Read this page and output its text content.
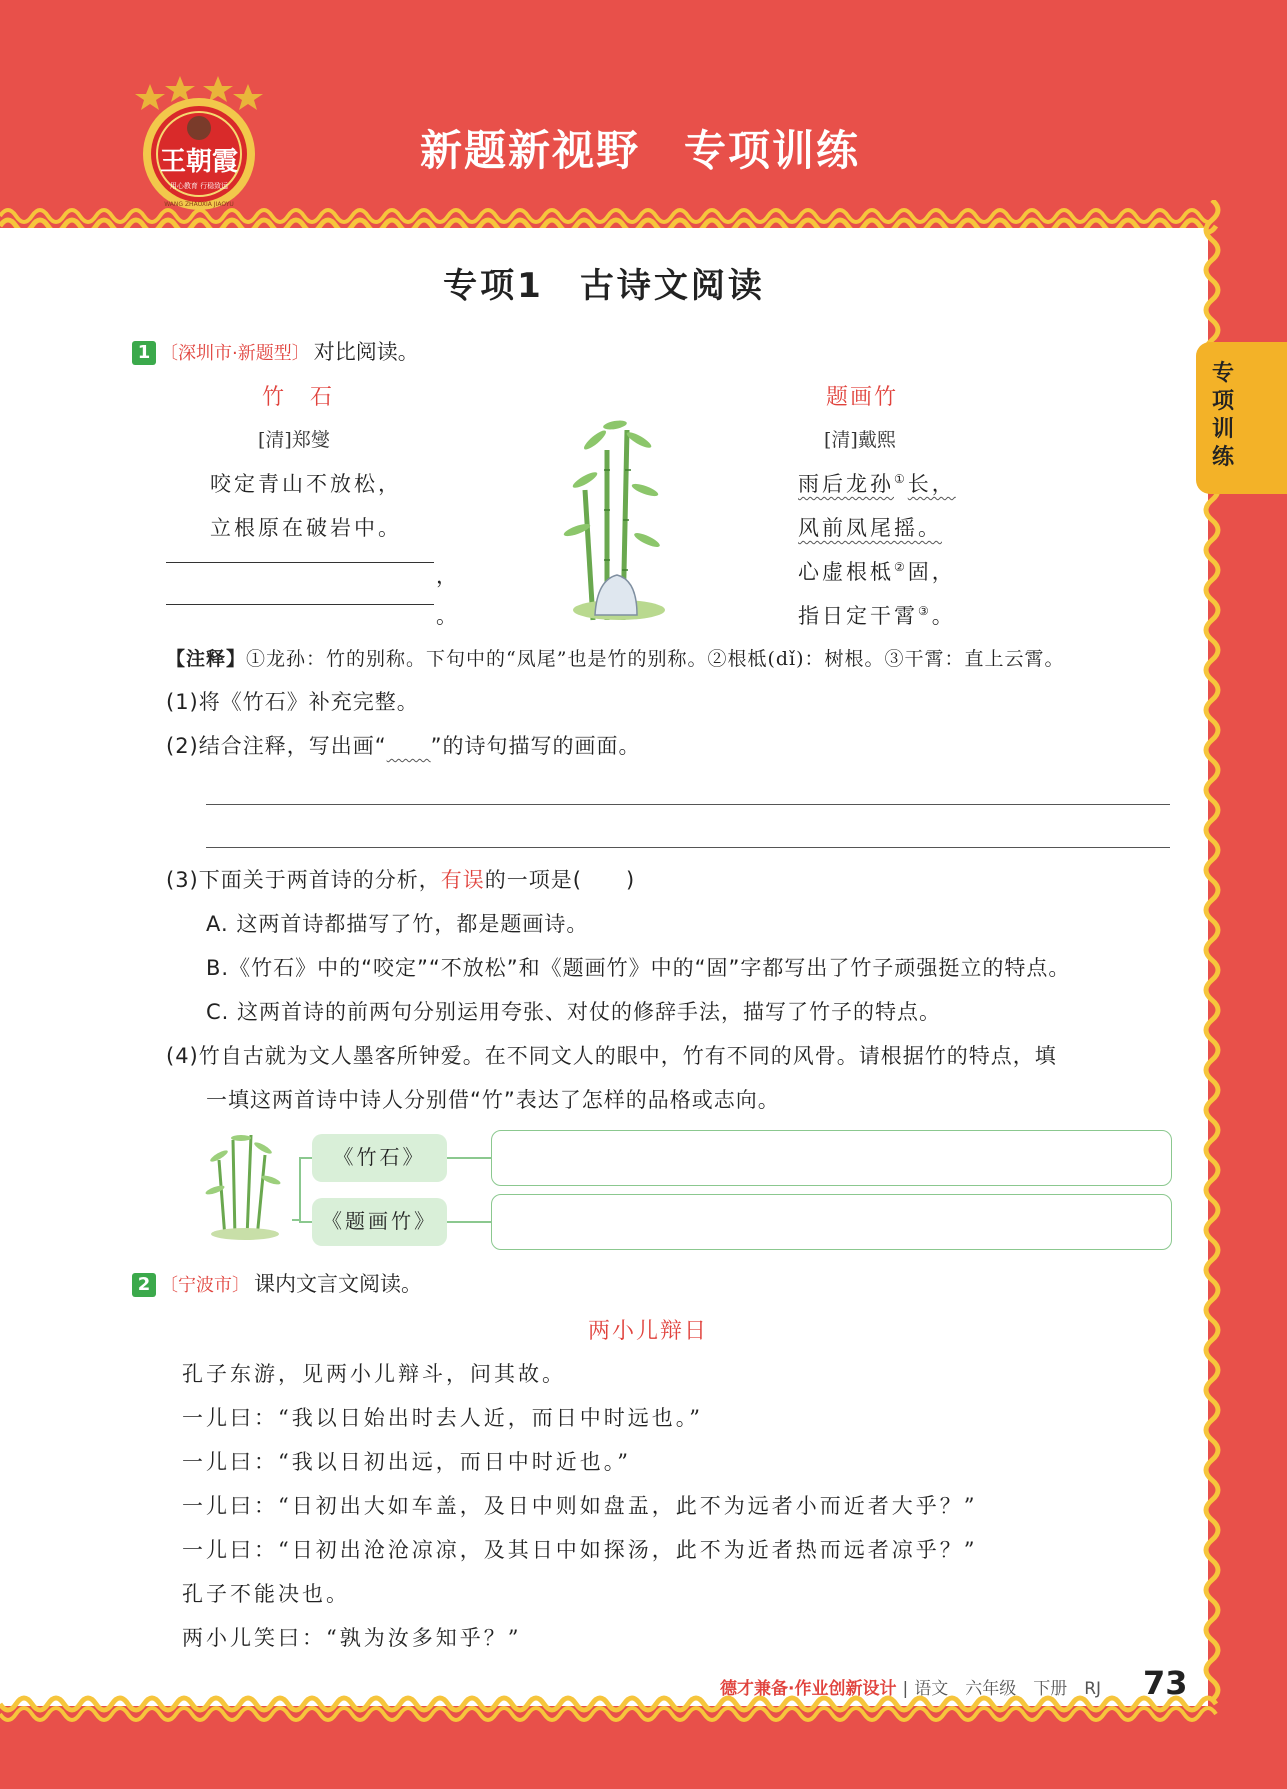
王朝霞
用心教育 行稳致远
WANG ZHAOXIA JIAOYU
新题新视野　专项训练
专项训练
专项1 古诗文阅读
1 〔深圳市·新题型〕 对比阅读。
竹　石
[清]郑燮
咬定青山不放松，
立根原在破岩中。
，
。
题画竹
[清]戴熙
雨后龙孙①长，
风前凤尾摇。
心虚根柢②固，
指日定干霄③。
【注释】①龙孙：竹的别称。下句中的“凤尾”也是竹的别称。②根柢(dǐ)：树根。③干霄：直上云霄。
(1)将《竹石》补充完整。
(2)结合注释，写出画“   ”的诗句描写的画面。
(3)下面关于两首诗的分析，有误的一项是(　　)
A. 这两首诗都描写了竹，都是题画诗。
B.《竹石》中的“咬定”“不放松”和《题画竹》中的“固”字都写出了竹子顽强挺立的特点。
C. 这两首诗的前两句分别运用夸张、对仗的修辞手法，描写了竹子的特点。
(4)竹自古就为文人墨客所钟爱。在不同文人的眼中，竹有不同的风骨。请根据竹的特点，填
一填这两首诗中诗人分别借“竹”表达了怎样的品格或志向。
《竹石》
《题画竹》
2 〔宁波市〕 课内文言文阅读。
两小儿辩日
孔子东游，见两小儿辩斗，问其故。
一儿曰：“我以日始出时去人近，而日中时远也。”
一儿曰：“我以日初出远，而日中时近也。”
一儿曰：“日初出大如车盖，及日中则如盘盂，此不为远者小而近者大乎？”
一儿曰：“日初出沧沧凉凉，及其日中如探汤，此不为近者热而远者凉乎？”
孔子不能决也。
两小儿笑曰：“孰为汝多知乎？”
德才兼备·作业创新设计 | 语文　六年级　下册　RJ 73
